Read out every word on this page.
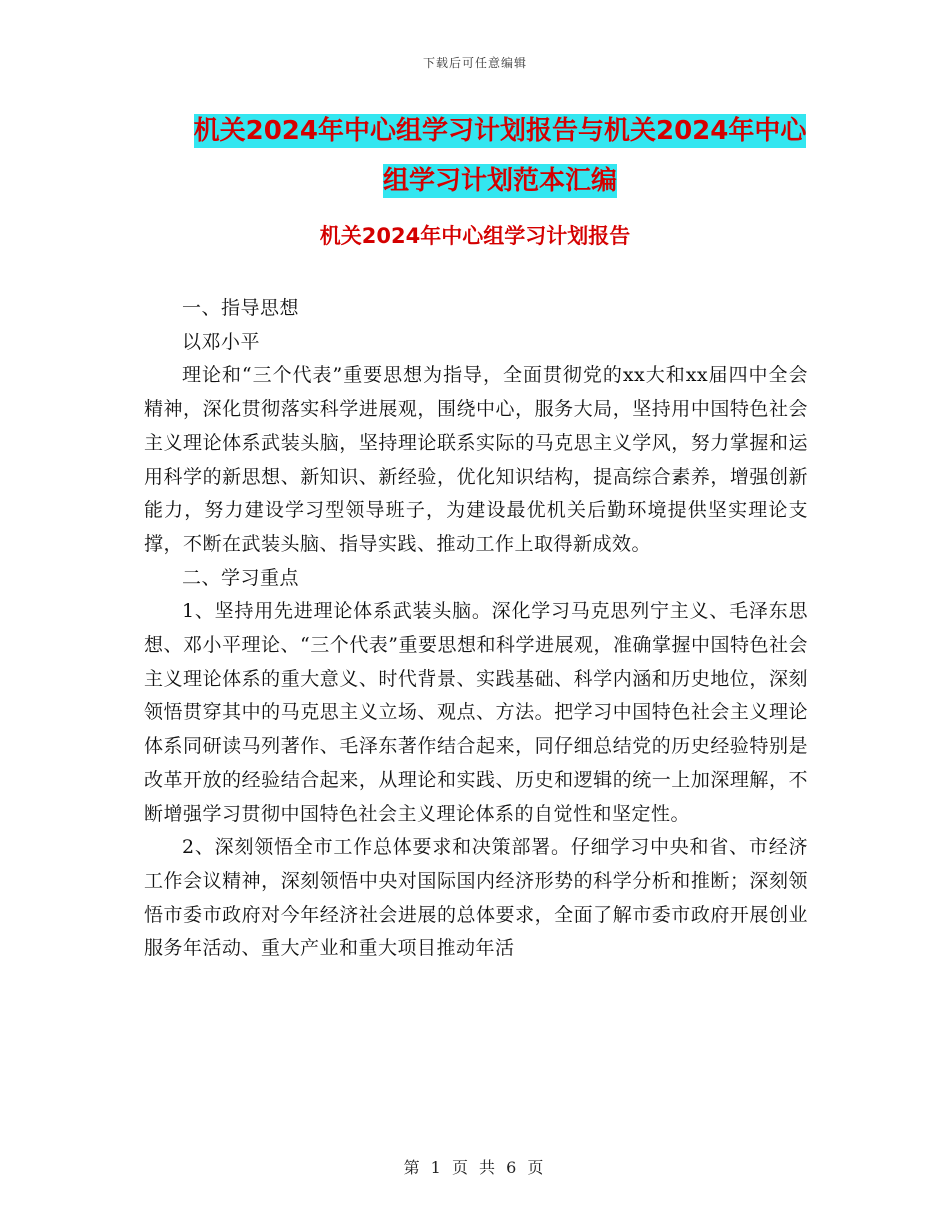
下载后可任意编辑
机关2024年中心组学习计划报告与机关2024年中心
组学习计划范本汇编
机关2024年中心组学习计划报告

一、指导思想

以邓小平

理论和“三个代表”重要思想为指导，全面贯彻党的xx大和xx届四中全会精神，深化贯彻落实科学进展观，围绕中心，服务大局，坚持用中国特色社会主义理论体系武装头脑，坚持理论联系实际的马克思主义学风，努力掌握和运用科学的新思想、新知识、新经验，优化知识结构，提高综合素养，增强创新能力，努力建设学习型领导班子，为建设最优机关后勤环境提供坚实理论支撑，不断在武装头脑、指导实践、推动工作上取得新成效。

二、学习重点

1、坚持用先进理论体系武装头脑。深化学习马克思列宁主义、毛泽东思想、邓小平理论、“三个代表”重要思想和科学进展观，准确掌握中国特色社会主义理论体系的重大意义、时代背景、实践基础、科学内涵和历史地位，深刻领悟贯穿其中的马克思主义立场、观点、方法。把学习中国特色社会主义理论体系同研读马列著作、毛泽东著作结合起来，同仔细总结党的历史经验特别是改革开放的经验结合起来，从理论和实践、历史和逻辑的统一上加深理解，不断增强学习贯彻中国特色社会主义理论体系的自觉性和坚定性。

2、深刻领悟全市工作总体要求和决策部署。仔细学习中央和省、市经济工作会议精神，深刻领悟中央对国际国内经济形势的科学分析和推断；深刻领悟市委市政府对今年经济社会进展的总体要求，全面了解市委市政府开展创业服务年活动、重大产业和重大项目推动年活

第 1 页 共 6 页
